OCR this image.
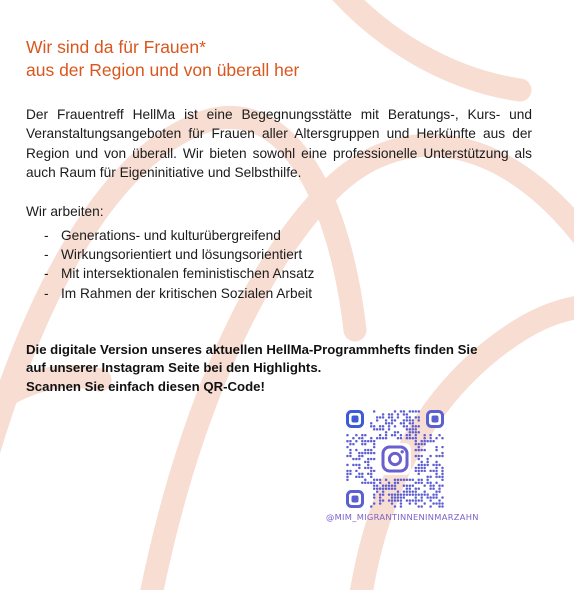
Wir sind da für Frauen*
aus der Region und von überall her

Der Frauentreff HellMa ist eine Begegnungsstätte mit Beratungs-, Kurs- und Veranstaltungsangeboten für Frauen aller Altersgruppen und Herkünfte aus der Region und von überall. Wir bieten sowohl eine professionelle Unterstützung als auch Raum für Eigeninitiative und Selbsthilfe.

Wir arbeiten:

- Generations- und kulturübergreifend
- Wirkungsorientiert und lösungsorientiert
- Mit intersektionalen feministischen Ansatz
- Im Rahmen der kritischen Sozialen Arbeit
Die digitale Version unseres aktuellen HellMa-Programmhefts finden Sie
auf unserer Instagram Seite bei den Highlights.
Scannen Sie einfach diesen QR-Code!
@MIM_MIGRANTINNENINMARZAHN
